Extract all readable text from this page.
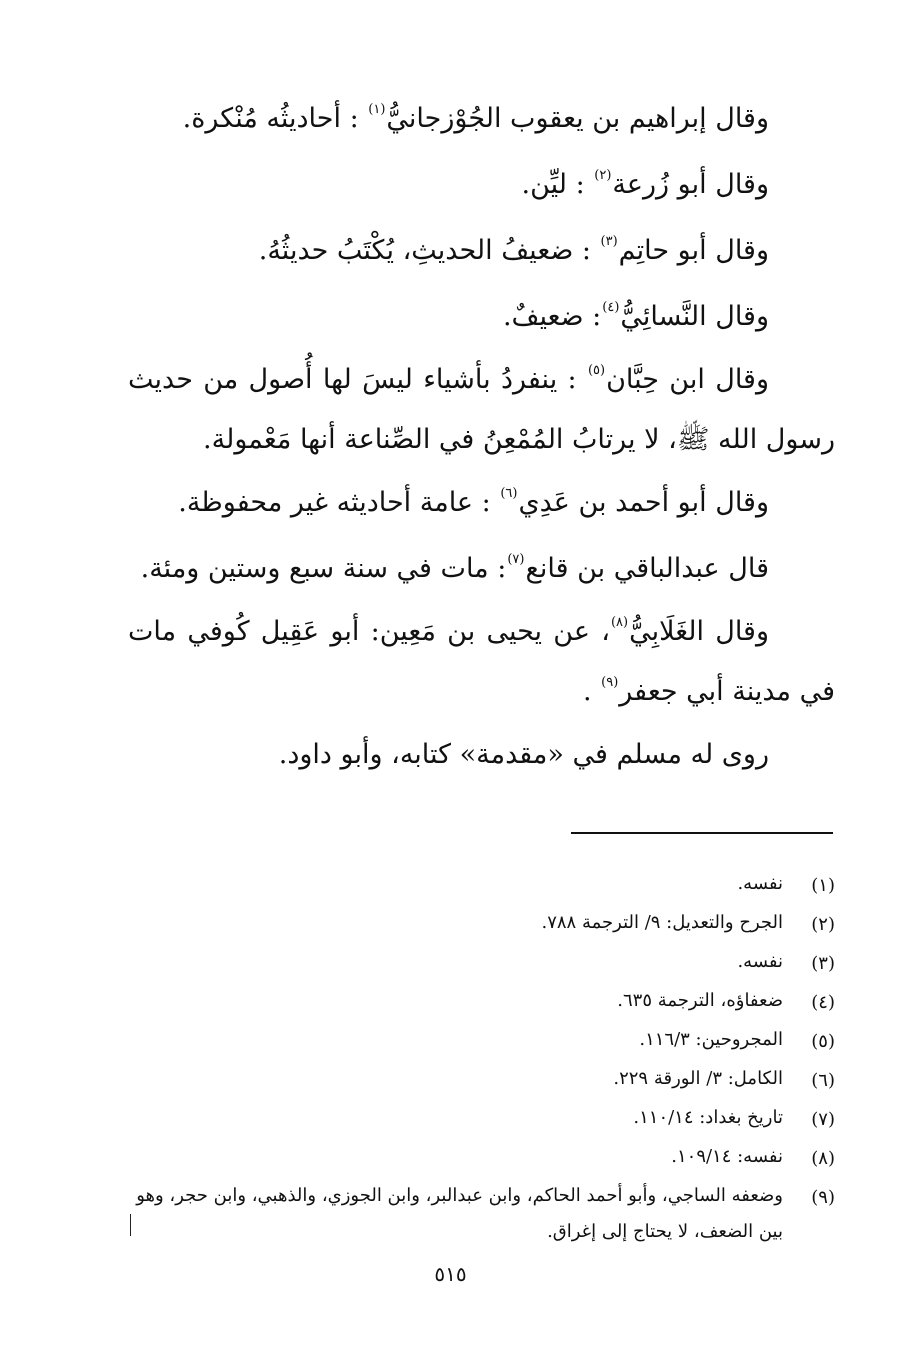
وقال إبراهيم بن يعقوب الجُوْزجانيُّ$^{(١)}$ : أحاديثُه مُنْكرة.

وقال أبو زُرعة$^{(٢)}$ : ليِّن.

وقال أبو حاتِم$^{(٣)}$ : ضعيفُ الحديثِ، يُكْتَبُ حديثُهُ.

وقال النَّسائِيُّ$^{(٤)}$: ضعيفٌ.

وقال ابن حِبَّان$^{(٥)}$ : ينفردُ بأشياء ليسَ لها أُصول من حديث رسول الله ﷺ، لا يرتابُ المُمْعِنُ في الصِّناعة أنها مَعْمولة.

وقال أبو أحمد بن عَدِي$^{(٦)}$ : عامة أحاديثه غير محفوظة.

قال عبدالباقي بن قانع$^{(٧)}$: مات في سنة سبع وستين ومئة.

وقال الغَلَابِيُّ$^{(٨)}$، عن يحيى بن مَعِين: أبو عَقِيل كُوفي مات في مدينة أبي جعفر$^{(٩)}$ .

روى له مسلم في «مقدمة» كتابه، وأبو داود.

(١)
نفسه.
(٢)
الجرح والتعديل: ٩/ الترجمة ٧٨٨.
(٣)
نفسه.
(٤)
ضعفاؤه، الترجمة ٦٣٥.
(٥)
المجروحين: ١١٦/٣.
(٦)
الكامل: ٣/ الورقة ٢٢٩.
(٧)
تاريخ بغداد: ١١٠/١٤.
(٨)
نفسه: ١٠٩/١٤.
(٩)
وضعفه الساجي، وأبو أحمد الحاكم، وابن عبدالبر، وابن الجوزي، والذهبي، وابن حجر، وهو بين الضعف، لا يحتاج إلى إغراق.
٥١٥
